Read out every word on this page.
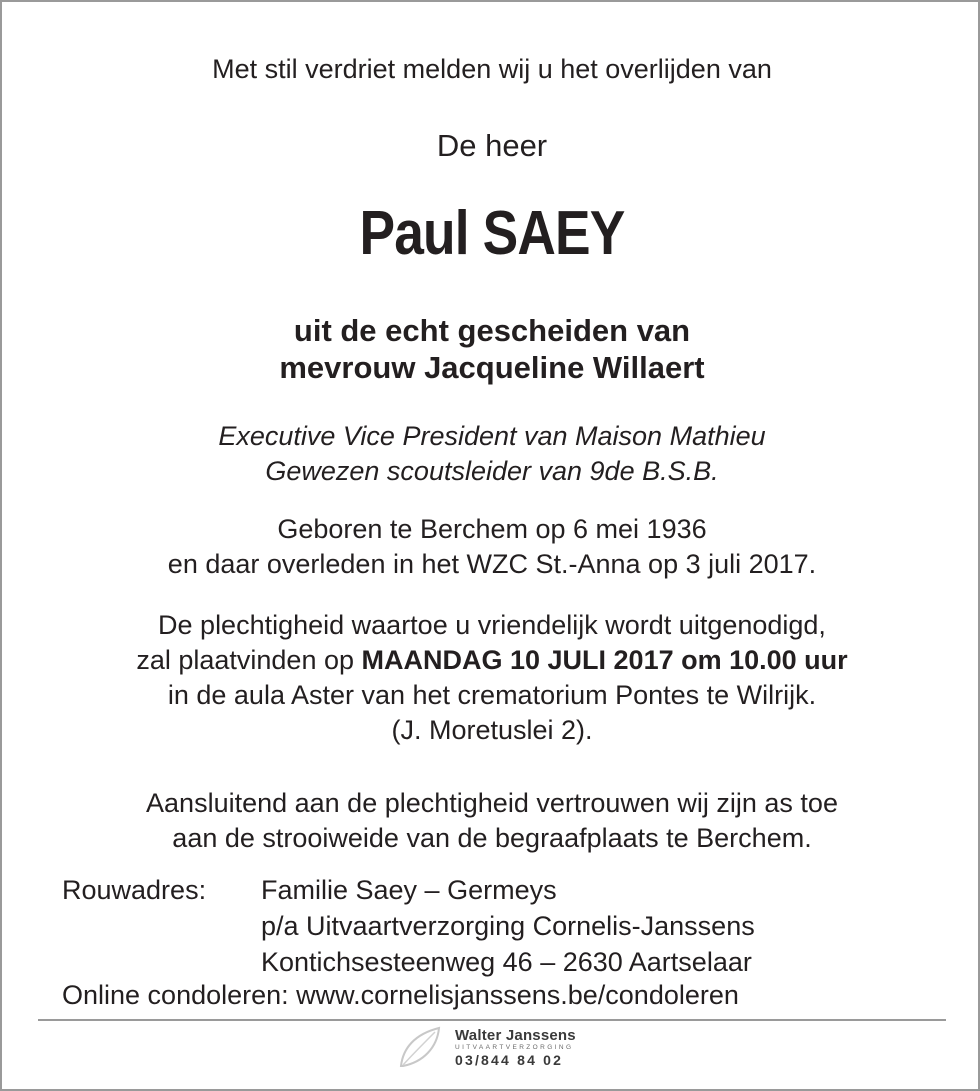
Met stil verdriet melden wij u het overlijden van
De heer
Paul SAEY
uit de echt gescheiden van
mevrouw Jacqueline Willaert
Executive Vice President van Maison Mathieu
Gewezen scoutsleider van 9de B.S.B.
Geboren te Berchem op 6 mei 1936
en daar overleden in het WZC St.-Anna op 3 juli 2017.
De plechtigheid waartoe u vriendelijk wordt uitgenodigd,
zal plaatvinden op MAANDAG 10 JULI 2017 om 10.00 uur
in de aula Aster van het crematorium Pontes te Wilrijk.
(J. Moretuslei 2).
Aansluitend aan de plechtigheid vertrouwen wij zijn as toe
aan de strooiweide van de begraafplaats te Berchem.
Rouwadres:	Familie Saey – Germeys
p/a Uitvaartverzorging Cornelis-Janssens
Kontichsesteenweg 46 – 2630 Aartselaar
Online condoleren: www.cornelisjanssens.be/condoleren
Walter Janssens
UITVAARTVERZORGING
03/844 84 02
